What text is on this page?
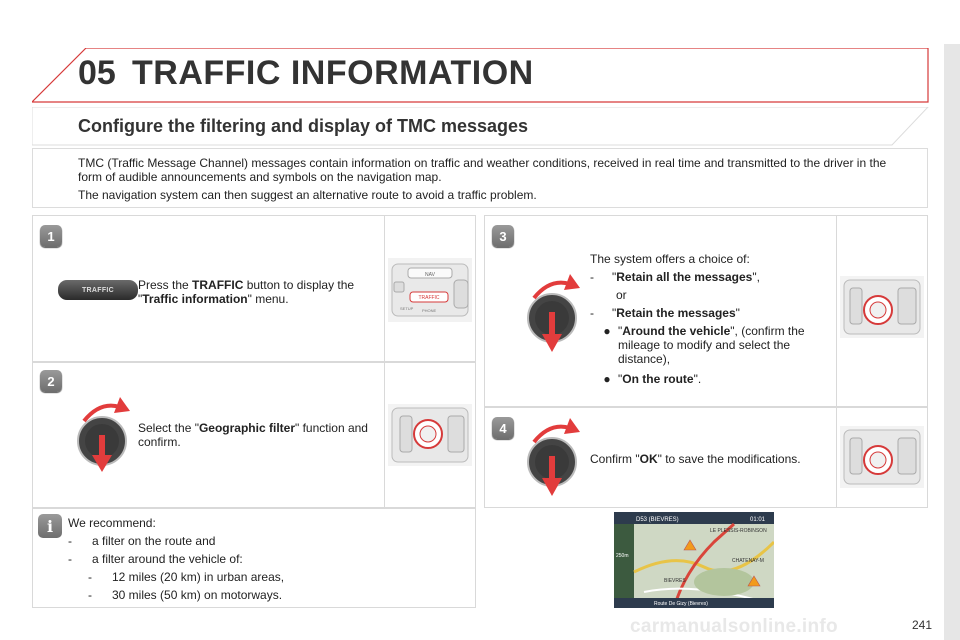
05 TRAFFIC INFORMATION
Configure the filtering and display of TMC messages

TMC (Traffic Message Channel) messages contain information on traffic and weather conditions, received in real time and transmitted to the driver in the form of audible announcements and symbols on the navigation map.

The navigation system can then suggest an alternative route to avoid a traffic problem.

1
TRAFFIC	Press the TRAFFIC button to display the "Traffic information" menu.
NAV
TRAFFIC
SETUP PHONE
2
Select the "Geographic filter" function and confirm.
3
The system offers a choice of:
-	"Retain all the messages",
or
-	"Retain the messages"
● "Around the vehicle", (confirm the mileage to modify and select the distance),
● "On the route".
4
Confirm "OK" to save the modifications.
i	We recommend:
-	a filter on the route and
-	a filter around the vehicle of:
-	12 miles (20 km) in urban areas,
-	30 miles (50 km) on motorways.
D53 (BIEVRES)	01:01
250m
LE PLESSIS-ROBINSON
CHATENAY-M
BIEVRES
Route De Gizy (Bievres)
carmanualsonline.info	241
